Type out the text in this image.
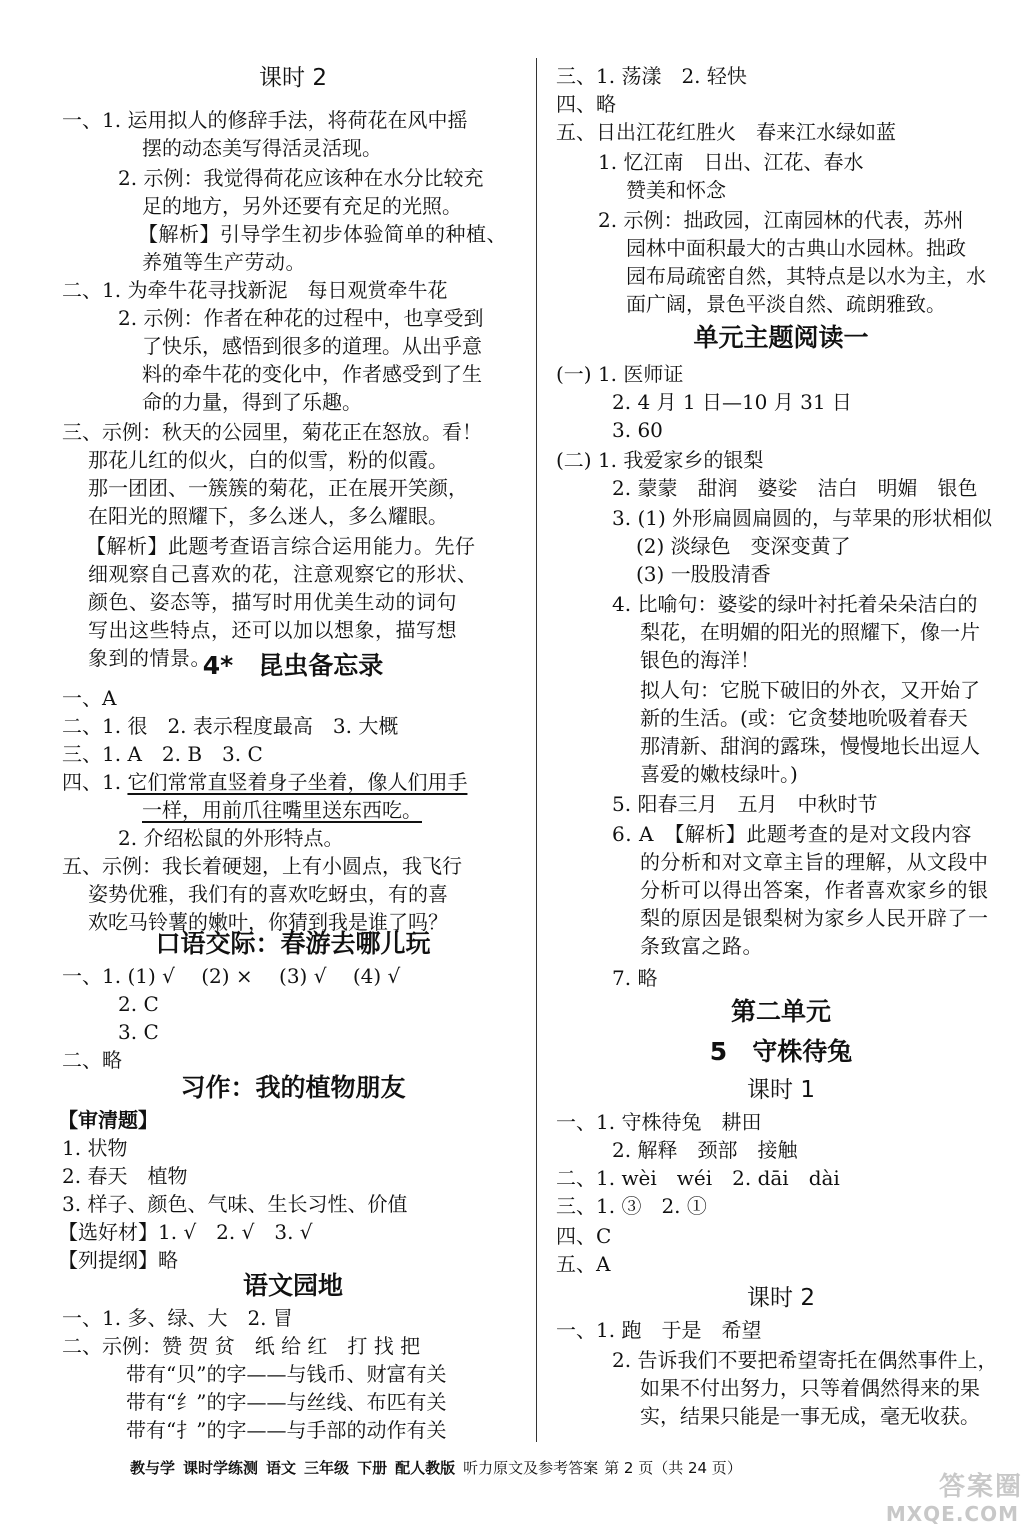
课时 2
一、1. 运用拟人的修辞手法，将荷花在风中摇
摆的动态美写得活灵活现。
2. 示例：我觉得荷花应该种在水分比较充
足的地方，另外还要有充足的光照。
【解析】引导学生初步体验简单的种植、
养殖等生产劳动。
二、1. 为牵牛花寻找新泥　每日观赏牵牛花
2. 示例：作者在种花的过程中，也享受到
了快乐，感悟到很多的道理。从出乎意
料的牵牛花的变化中，作者感受到了生
命的力量，得到了乐趣。
三、示例：秋天的公园里，菊花正在怒放。看！
那花儿红的似火，白的似雪，粉的似霞。
那一团团、一簇簇的菊花，正在展开笑颜，
在阳光的照耀下，多么迷人，多么耀眼。
【解析】此题考查语言综合运用能力。先仔
细观察自己喜欢的花，注意观察它的形状、
颜色、姿态等，描写时用优美生动的词句
写出这些特点，还可以加以想象，描写想
象到的情景。
4*　昆虫备忘录
一、A
二、1. 很　2. 表示程度最高　3. 大概
三、1. A　2. B　3. C
四、1. 它们常常直竖着身子坐着，像人们用手
一样，用前爪往嘴里送东西吃。
2. 介绍松鼠的外形特点。
五、示例：我长着硬翅，上有小圆点，我飞行
姿势优雅，我们有的喜欢吃蚜虫，有的喜
欢吃马铃薯的嫩叶，你猜到我是谁了吗？
口语交际：春游去哪儿玩
一、1. (1) √　 (2) ×　 (3) √　 (4) √
2. C
3. C
二、略
习作：我的植物朋友
【审清题】
1. 状物
2. 春天　植物
3. 样子、颜色、气味、生长习性、价值
【选好材】1. √　2. √　3. √
【列提纲】略
语文园地
一、1. 多、绿、大　2. 冒
二、示例：赞 贺 贫　纸 给 红　打 找 把
带有“贝”的字——与钱币、财富有关
带有“纟”的字——与丝线、布匹有关
带有“扌”的字——与手部的动作有关
三、1. 荡漾　2. 轻快
四、略
五、日出江花红胜火　春来江水绿如蓝
1. 忆江南　日出、江花、春水
赞美和怀念
2. 示例：拙政园，江南园林的代表，苏州
园林中面积最大的古典山水园林。拙政
园布局疏密自然，其特点是以水为主，水
面广阔，景色平淡自然、疏朗雅致。
单元主题阅读一
(一) 1. 医师证
2. 4 月 1 日—10 月 31 日
3. 60
(二) 1. 我爱家乡的银梨
2. 蒙蒙　甜润　婆娑　洁白　明媚　银色
3. (1) 外形扁圆扁圆的，与苹果的形状相似
(2) 淡绿色　变深变黄了
(3) 一股股清香
4. 比喻句：婆娑的绿叶衬托着朵朵洁白的
梨花，在明媚的阳光的照耀下，像一片
银色的海洋！
拟人句：它脱下破旧的外衣，又开始了
新的生活。(或：它贪婪地吮吸着春天
那清新、甜润的露珠，慢慢地长出逗人
喜爱的嫩枝绿叶。)
5. 阳春三月　五月　中秋时节
6. A　【解析】此题考查的是对文段内容
的分析和对文章主旨的理解，从文段中
分析可以得出答案，作者喜欢家乡的银
梨的原因是银梨树为家乡人民开辟了一
条致富之路。
7. 略
第二单元
5　守株待兔
课时 1
一、1. 守株待兔　耕田
2. 解释　颈部　接触
二、1. wèi　wéi　2. dāi　dài
三、1. ③　2. ①
四、C
五、A
课时 2
一、1. 跑　于是　希望
2. 告诉我们不要把希望寄托在偶然事件上，
如果不付出努力，只等着偶然得来的果
实，结果只能是一事无成，毫无收获。
教与学 课时学练测 语文 三年级 下册 配人教版 听力原文及参考答案 第 2 页（共 24 页）
答案圈
MXQE.COM
